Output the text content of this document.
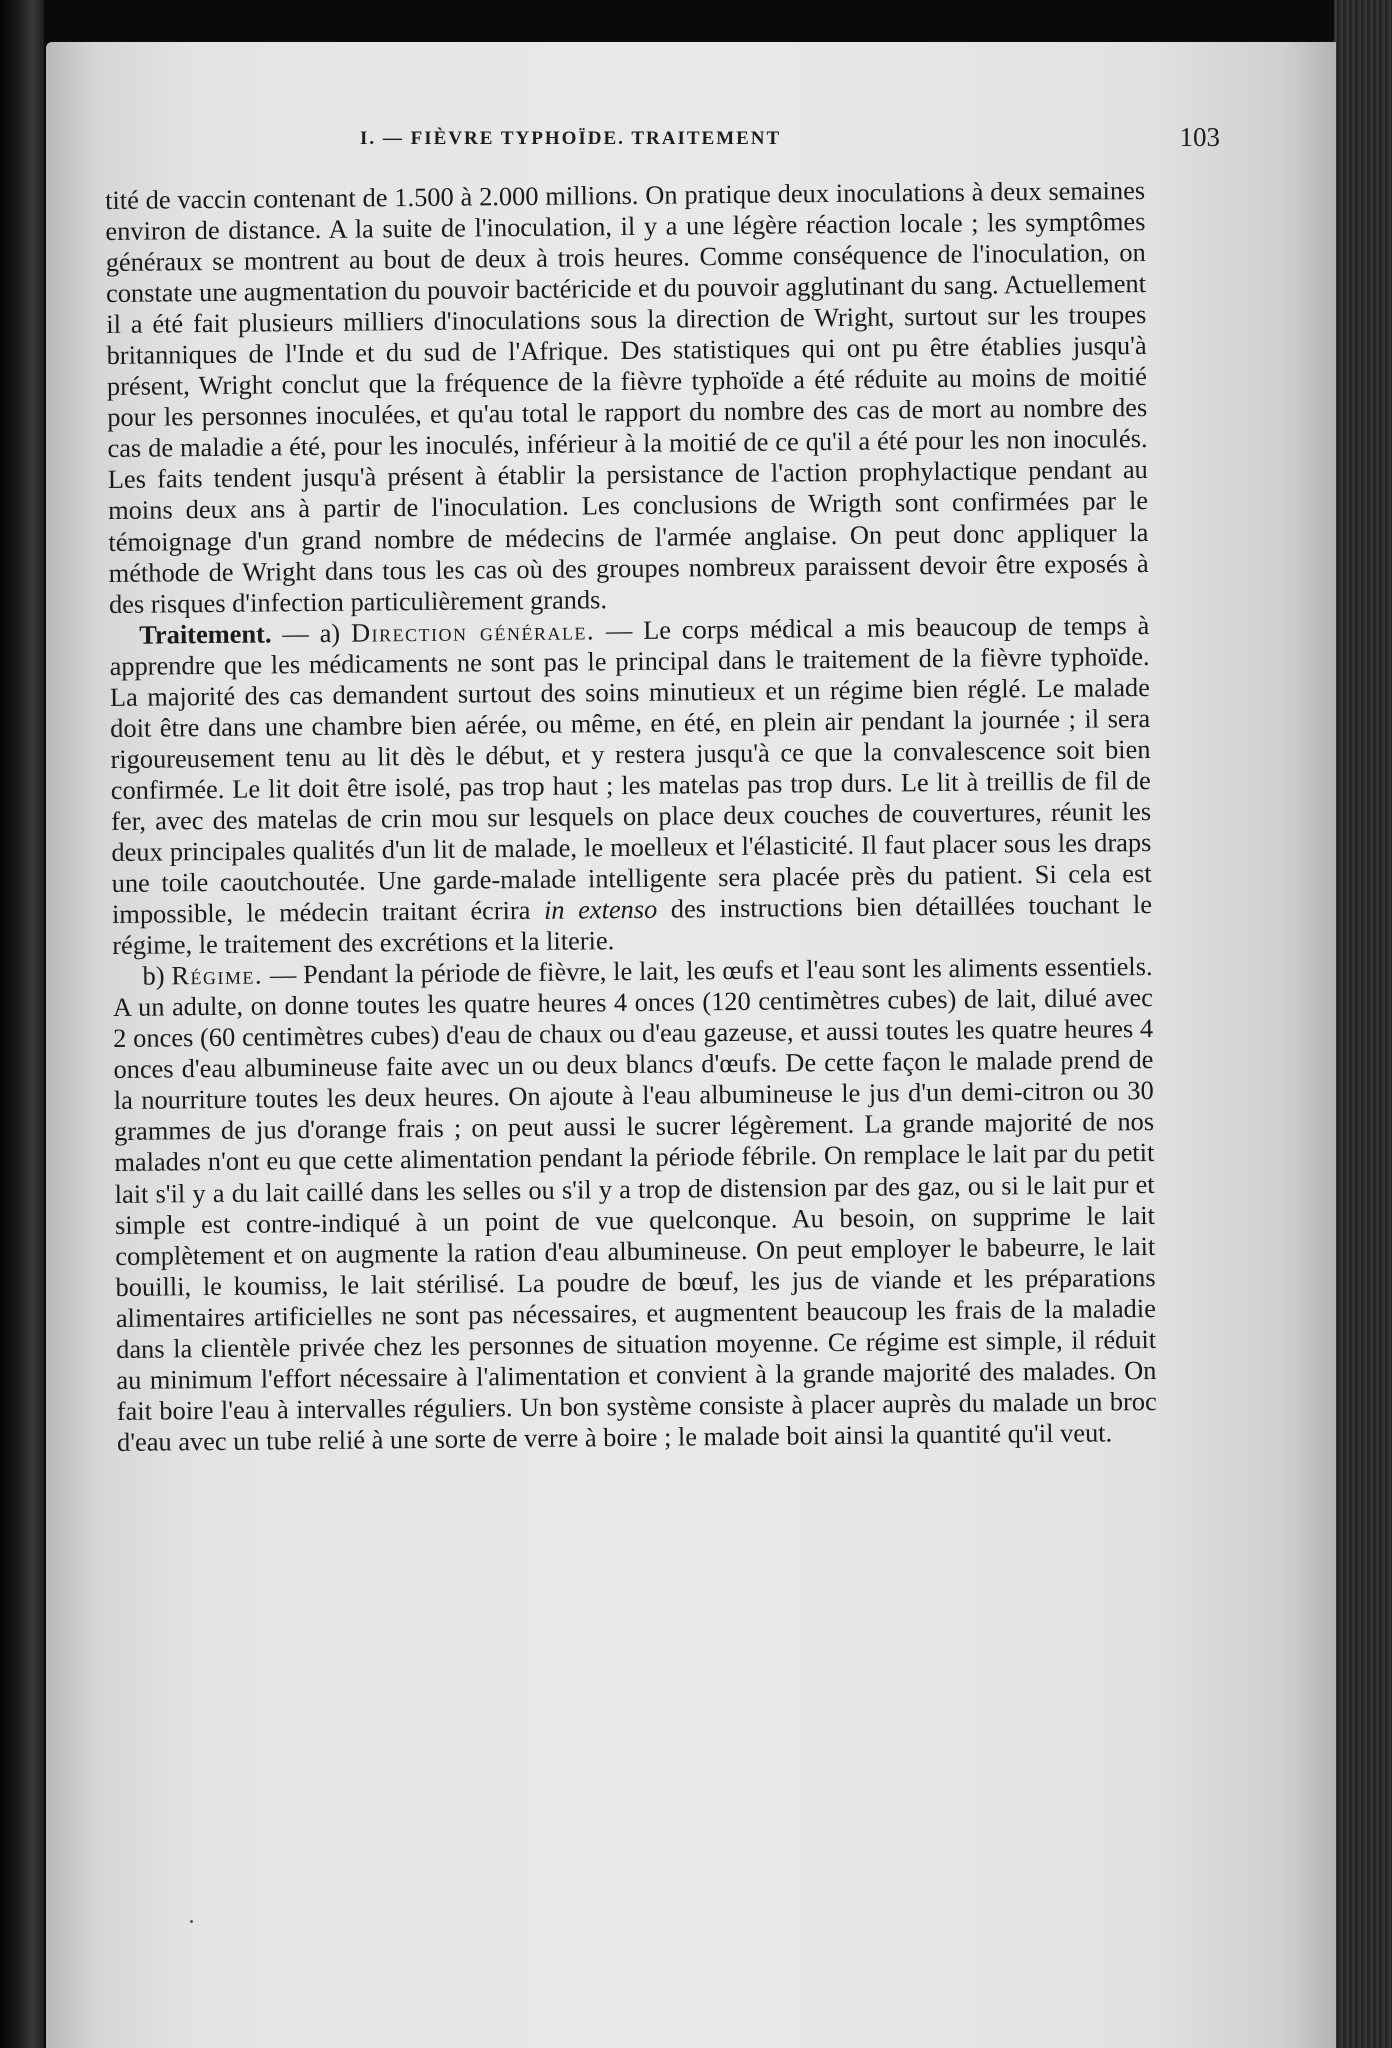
I. — FIÈVRE TYPHOÏDE. TRAITEMENT	103

tité de vaccin contenant de 1.500 à 2.000 millions. On pratique deux inoculations à deux semaines environ de distance. A la suite de l'inoculation, il y a une légère réaction locale ; les symptômes généraux se montrent au bout de deux à trois heures. Comme conséquence de l'inoculation, on constate une augmentation du pouvoir bactéricide et du pouvoir agglutinant du sang. Actuellement il a été fait plusieurs milliers d'inoculations sous la direction de Wright, surtout sur les troupes britanniques de l'Inde et du sud de l'Afrique. Des statistiques qui ont pu être établies jusqu'à présent, Wright conclut que la fréquence de la fièvre typhoïde a été réduite au moins de moitié pour les personnes inoculées, et qu'au total le rapport du nombre des cas de mort au nombre des cas de maladie a été, pour les inoculés, inférieur à la moitié de ce qu'il a été pour les non inoculés. Les faits tendent jusqu'à présent à établir la persistance de l'action prophylactique pendant au moins deux ans à partir de l'inoculation. Les conclusions de Wrigth sont confirmées par le témoignage d'un grand nombre de médecins de l'armée anglaise. On peut donc appliquer la méthode de Wright dans tous les cas où des groupes nombreux paraissent devoir être exposés à des risques d'infection particulièrement grands.

Traitement. — a) Direction générale. — Le corps médical a mis beaucoup de temps à apprendre que les médicaments ne sont pas le principal dans le traitement de la fièvre typhoïde. La majorité des cas demandent surtout des soins minutieux et un régime bien réglé. Le malade doit être dans une chambre bien aérée, ou même, en été, en plein air pendant la journée ; il sera rigoureusement tenu au lit dès le début, et y restera jusqu'à ce que la convalescence soit bien confirmée. Le lit doit être isolé, pas trop haut ; les matelas pas trop durs. Le lit à treillis de fil de fer, avec des matelas de crin mou sur lesquels on place deux couches de couvertures, réunit les deux principales qualités d'un lit de malade, le moelleux et l'élasticité. Il faut placer sous les draps une toile caoutchoutée. Une garde-malade intelligente sera placée près du patient. Si cela est impossible, le médecin traitant écrira in extenso des instructions bien détaillées touchant le régime, le traitement des excrétions et la literie.

b) Régime. — Pendant la période de fièvre, le lait, les œufs et l'eau sont les aliments essentiels. A un adulte, on donne toutes les quatre heures 4 onces (120 centimètres cubes) de lait, dilué avec 2 onces (60 centimètres cubes) d'eau de chaux ou d'eau gazeuse, et aussi toutes les quatre heures 4 onces d'eau albumineuse faite avec un ou deux blancs d'œufs. De cette façon le malade prend de la nourriture toutes les deux heures. On ajoute à l'eau albumineuse le jus d'un demi-citron ou 30 grammes de jus d'orange frais ; on peut aussi le sucrer légèrement. La grande majorité de nos malades n'ont eu que cette alimentation pendant la période fébrile. On remplace le lait par du petit lait s'il y a du lait caillé dans les selles ou s'il y a trop de distension par des gaz, ou si le lait pur et simple est contre-indiqué à un point de vue quelconque. Au besoin, on supprime le lait complètement et on augmente la ration d'eau albumineuse. On peut employer le babeurre, le lait bouilli, le koumiss, le lait stérilisé. La poudre de bœuf, les jus de viande et les préparations alimentaires artificielles ne sont pas nécessaires, et augmentent beaucoup les frais de la maladie dans la clientèle privée chez les personnes de situation moyenne. Ce régime est simple, il réduit au minimum l'effort nécessaire à l'alimentation et convient à la grande majorité des malades. On fait boire l'eau à intervalles réguliers. Un bon système consiste à placer auprès du malade un broc d'eau avec un tube relié à une sorte de verre à boire ; le malade boit ainsi la quantité qu'il veut.
